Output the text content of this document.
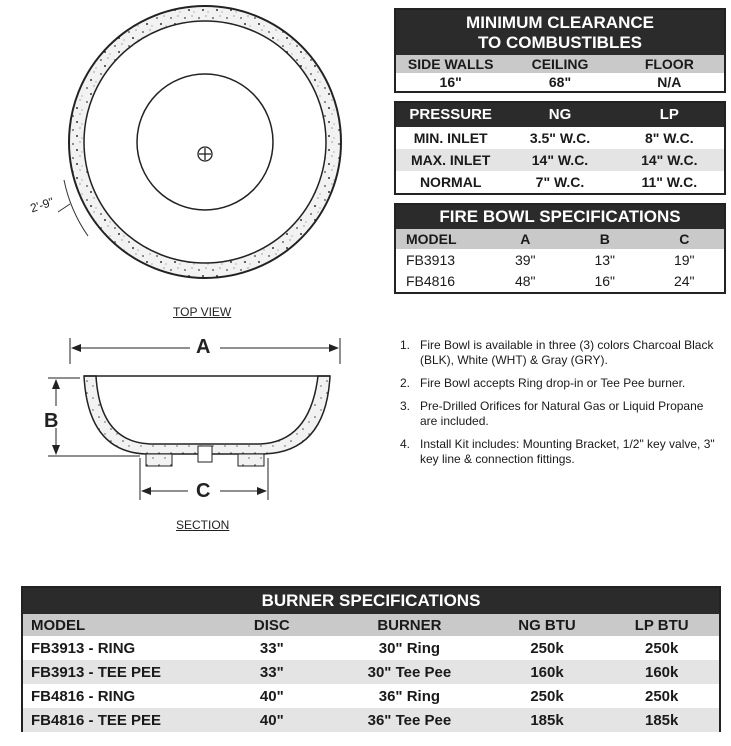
2'-9"
TOP VIEW
A
B
C
SECTION
MINIMUM CLEARANCE
TO COMBUSTIBLES
SIDE WALLS	CEILING	FLOOR
16"	68"	N/A
PRESSURE	NG	LP
MIN. INLET	3.5" W.C.	8" W.C.
MAX. INLET	14" W.C.	14" W.C.
NORMAL	7" W.C.	11" W.C.
FIRE BOWL SPECIFICATIONS
MODEL	A	B	C
FB3913	39"	13"	19"
FB4816	48"	16"	24"
1. Fire Bowl is available in three (3) colors Charcoal Black (BLK), White (WHT) & Gray (GRY).
2. Fire Bowl accepts Ring drop-in or Tee Pee burner.
3. Pre-Drilled Orifices for Natural Gas or Liquid Propane are included.
4. Install Kit includes: Mounting Bracket, 1/2" key valve, 3" key line & connection fittings.
BURNER SPECIFICATIONS
MODEL	DISC	BURNER	NG BTU	LP BTU
FB3913 - RING	33"	30" Ring	250k	250k
FB3913 - TEE PEE	33"	30" Tee Pee	160k	160k
FB4816 - RING	40"	36" Ring	250k	250k
FB4816 - TEE PEE	40"	36" Tee Pee	185k	185k
